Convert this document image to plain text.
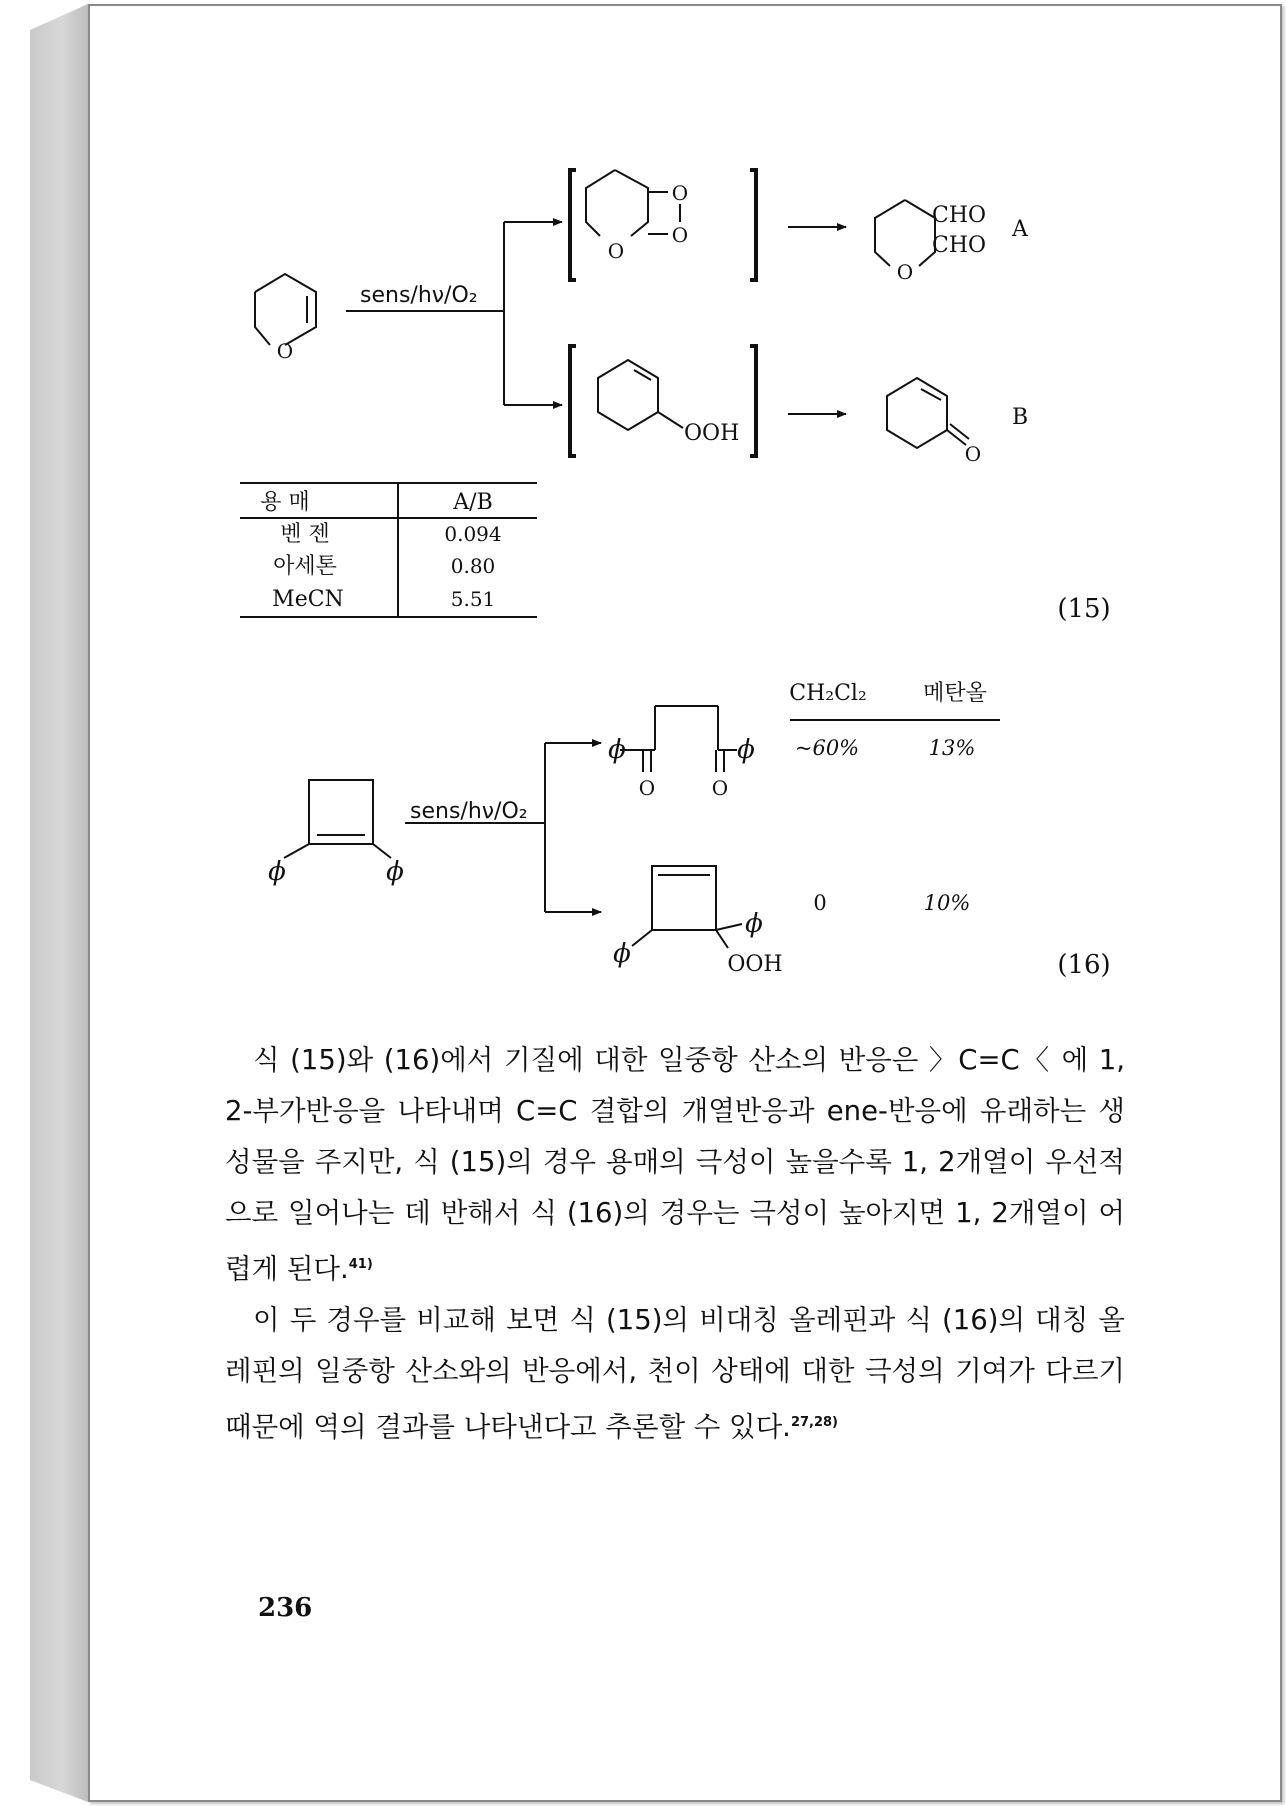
sens/hν/O₂
O
O
O
O
CHO
CHO
O
A
OOH
O
B
용 매	A/B
벤 젠	0.094
아세톤	0.80
MeCN	5.51	(15)
sens/hν/O₂
ϕ	ϕ
ϕ	ϕ
O	O
ϕ
ϕ
OOH
CH₂Cl₂	메탄올
~60%	13%
0	10%
(16)

식 (15)와 (16)에서 기질에 대한 일중항 산소의 반응은 〉C=C〈 에 1, 2-부가반응을 나타내며 C=C 결합의 개열반응과 ene-반응에 유래하는 생성물을 주지만, 식 (15)의 경우 용매의 극성이 높을수록 1, 2개열이 우선적으로 일어나는 데 반해서 식 (16)의 경우는 극성이 높아지면 1, 2개열이 어렵게 된다.$^{41)}$

이 두 경우를 비교해 보면 식 (15)의 비대칭 올레핀과 식 (16)의 대칭 올레핀의 일중항 산소와의 반응에서, 천이 상태에 대한 극성의 기여가 다르기 때문에 역의 결과를 나타낸다고 추론할 수 있다.$^{27,28)}$

236
